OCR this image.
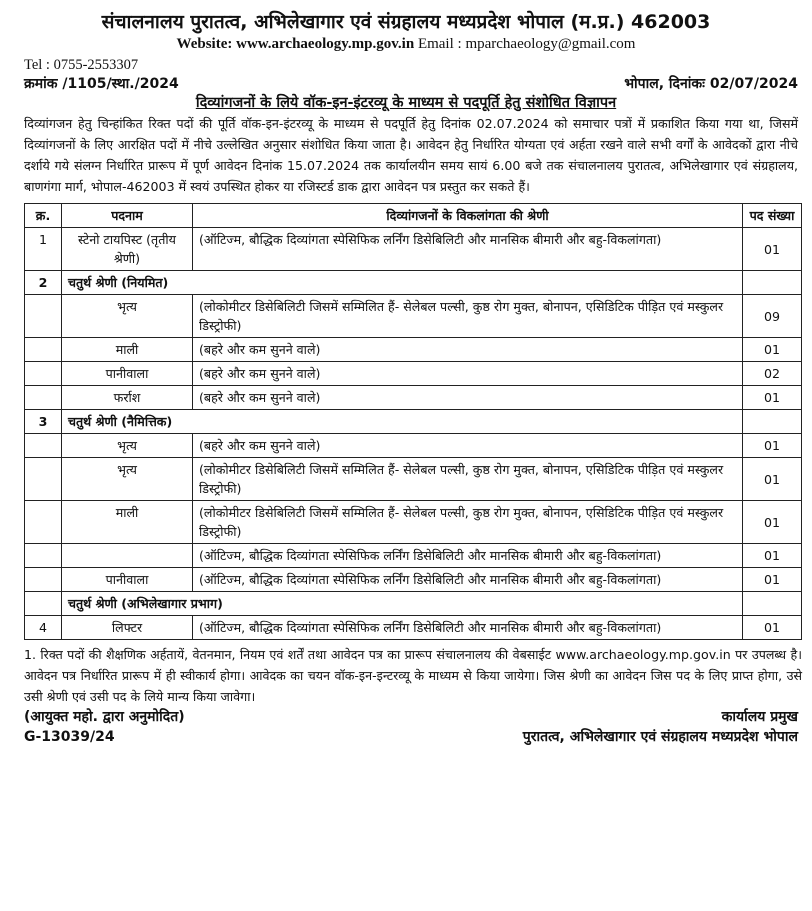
संचालनालय पुरातत्व, अभिलेखागार एवं संग्रहालय मध्यप्रदेश भोपाल (म.प्र.) 462003
Website: www.archaeology.mp.gov.in Email : mparchaeology@gmail.com
Tel : 0755-2553307
क्रमांक /1105/स्था./2024	भोपाल, दिनांकः 02/07/2024
दिव्यांगजनों के लिये वॉक-इन-इंटरव्यू के माध्यम से पदपूर्ति हेतु संशोधित विज्ञापन

दिव्यांगजन हेतु चिन्हांकित रिक्त पदों की पूर्ति वॉक-इन-इंटरव्यू के माध्यम से पदपूर्ति हेतु दिनांक 02.07.2024 को समाचार पत्रों में प्रकाशित किया गया था, जिसमें दिव्यांगजनों के लिए आरक्षित पदों में नीचे उल्लेखित अनुसार संशोधित किया जाता है। आवेदन हेतु निर्धारित योग्यता एवं अर्हता रखने वाले सभी वर्गों के आवेदकों द्वारा नीचे दर्शाये गये संलग्न निर्धारित प्रारूप में पूर्ण आवेदन दिनांक 15.07.2024 तक कार्यालयीन समय सायं 6.00 बजे तक संचालनालय पुरातत्व, अभिलेखागार एवं संग्रहालय, बाणगंगा मार्ग, भोपाल-462003 में स्वयं उपस्थित होकर या रजिस्टर्ड डाक द्वारा आवेदन पत्र प्रस्तुत कर सकते हैं।

क्र.	पदनाम	दिव्यांगजनों के विकलांगता की श्रेणी	पद संख्या
1	स्टेनो टायपिस्ट (तृतीय श्रेणी)	(ऑटिज्म, बौद्धिक दिव्यांगता स्पेसिफिक लर्निंग डिसेबिलिटी और मानसिक बीमारी और बहु-विकलांगता)	01
2	चतुर्थ श्रेणी (नियमित)		
	भृत्य	(लोकोमीटर डिसेबिलिटी जिसमें सम्मिलित हैं- सेलेबल पल्सी, कुष्ठ रोग मुक्त, बोनापन, एसिडिटिक पीड़ित एवं मस्कुलर डिस्ट्रोफी)	09
	माली	(बहरे और कम सुनने वाले)	01
	पानीवाला	(बहरे और कम सुनने वाले)	02
	फर्राश	(बहरे और कम सुनने वाले)	01
3	चतुर्थ श्रेणी (नैमित्तिक)		
	भृत्य	(बहरे और कम सुनने वाले)	01
	भृत्य	(लोकोमीटर डिसेबिलिटी जिसमें सम्मिलित हैं- सेलेबल पल्सी, कुष्ठ रोग मुक्त, बोनापन, एसिडिटिक पीड़ित एवं मस्कुलर डिस्ट्रोफी)	01
	माली	(लोकोमीटर डिसेबिलिटी जिसमें सम्मिलित हैं- सेलेबल पल्सी, कुष्ठ रोग मुक्त, बोनापन, एसिडिटिक पीड़ित एवं मस्कुलर डिस्ट्रोफी)	01
		(ऑटिज्म, बौद्धिक दिव्यांगता स्पेसिफिक लर्निंग डिसेबिलिटी और मानसिक बीमारी और बहु-विकलांगता)	01
	पानीवाला	(ऑटिज्म, बौद्धिक दिव्यांगता स्पेसिफिक लर्निंग डिसेबिलिटी और मानसिक बीमारी और बहु-विकलांगता)	01
	चतुर्थ श्रेणी (अभिलेखागार प्रभाग)		
4	लिफ्टर	(ऑटिज्म, बौद्धिक दिव्यांगता स्पेसिफिक लर्निंग डिसेबिलिटी और मानसिक बीमारी और बहु-विकलांगता)	01
1. रिक्त पदों की शैक्षणिक अर्हतायें, वेतनमान, नियम एवं शर्तें तथा आवेदन पत्र का प्रारूप संचालनालय की वेबसाईट www.archaeology.mp.gov.in पर उपलब्ध है। आवेदन पत्र निर्धारित प्रारूप में ही स्वीकार्य होगा। आवेदक का चयन वॉक-इन-इन्टरव्यू के माध्यम से किया जायेगा। जिस श्रेणी का आवेदन जिस पद के लिए प्राप्त होगा, उसे उसी श्रेणी एवं उसी पद के लिये मान्य किया जावेगा।
(आयुक्त महो. द्वारा अनुमोदित)	कार्यालय प्रमुख
G-13039/24	पुरातत्व, अभिलेखागार एवं संग्रहालय मध्यप्रदेश भोपाल
